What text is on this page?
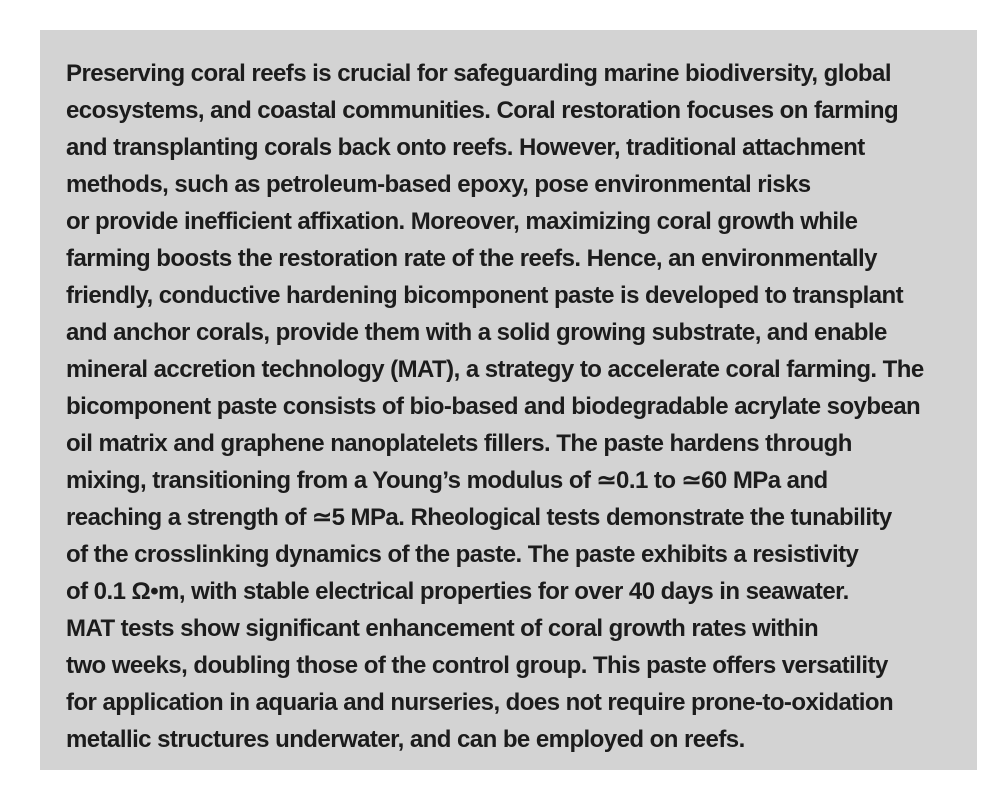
Preserving coral reefs is crucial for safeguarding marine biodiversity, global
ecosystems, and coastal communities. Coral restoration focuses on farming
and transplanting corals back onto reefs. However, traditional attachment
methods, such as petroleum-based epoxy, pose environmental risks
or provide inefficient affixation. Moreover, maximizing coral growth while
farming boosts the restoration rate of the reefs. Hence, an environmentally
friendly, conductive hardening bicomponent paste is developed to transplant
and anchor corals, provide them with a solid growing substrate, and enable
mineral accretion technology (MAT), a strategy to accelerate coral farming. The
bicomponent paste consists of bio-based and biodegradable acrylate soybean
oil matrix and graphene nanoplatelets fillers. The paste hardens through
mixing, transitioning from a Young’s modulus of ≃0.1 to ≃60 MPa and
reaching a strength of ≃5 MPa. Rheological tests demonstrate the tunability
of the crosslinking dynamics of the paste. The paste exhibits a resistivity
of 0.1 Ω•m, with stable electrical properties for over 40 days in seawater.
MAT tests show significant enhancement of coral growth rates within
two weeks, doubling those of the control group. This paste offers versatility
for application in aquaria and nurseries, does not require prone-to-oxidation
metallic structures underwater, and can be employed on reefs.
